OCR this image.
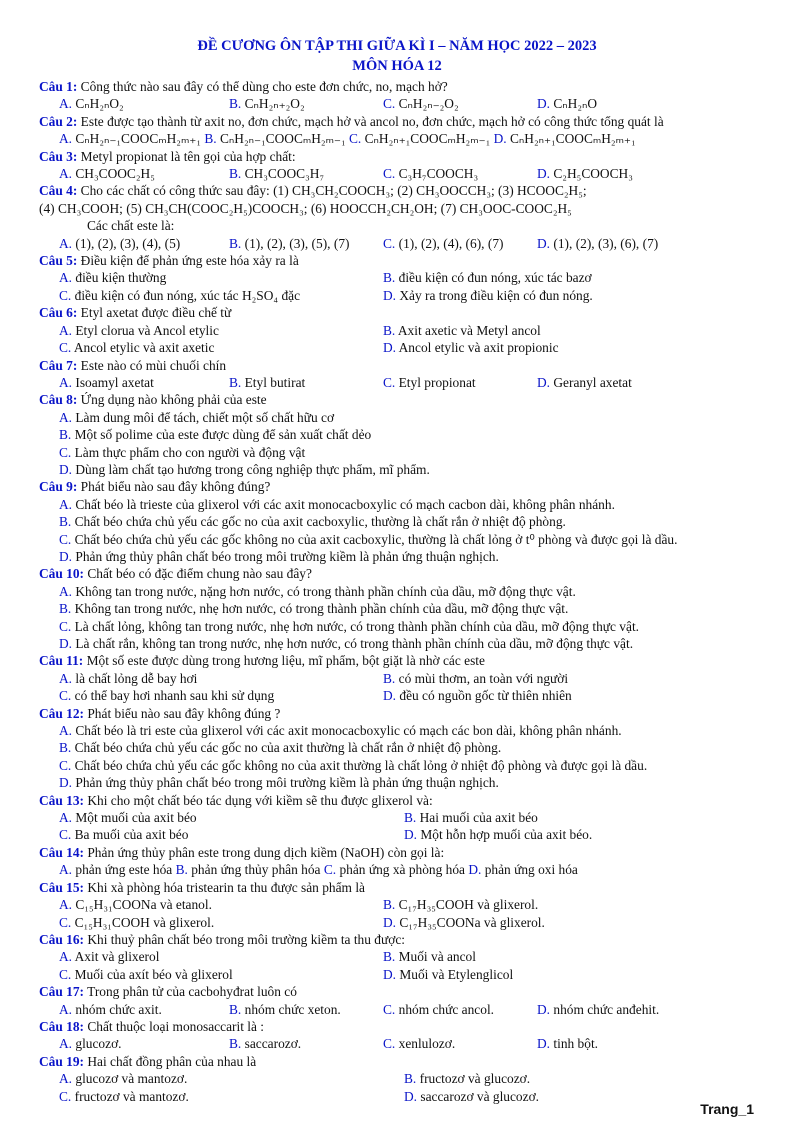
ĐỀ CƯƠNG ÔN TẬP THI GIỮA KÌ I – NĂM HỌC 2022 – 2023
MÔN HÓA 12
Câu 1: Công thức nào sau đây có thể dùng cho este đơn chức, no, mạch hở?
A. CₙH₂ₙO₂	B. CₙH₂ₙ₊₂O₂	C. CₙH₂ₙ₋₂O₂	D. CₙH₂ₙO
Câu 2: Este được tạo thành từ axit no, đơn chức, mạch hở và ancol no, đơn chức, mạch hở có công thức tổng quát là
A. CₙH₂ₙ₋₁COOCₘH₂ₘ₊₁ B. CₙH₂ₙ₋₁COOCₘH₂ₘ₋₁ C. CₙH₂ₙ₊₁COOCₘH₂ₘ₋₁ D. CₙH₂ₙ₊₁COOCₘH₂ₘ₊₁
Câu 3: Metyl propionat là tên gọi của hợp chất:
A. CH₃COOC₂H₅	B. CH₃COOC₃H₇	C. C₃H₇COOCH₃	D. C₂H₅COOCH₃
Câu 4: Cho các chất có công thức sau đây: (1) CH₃CH₂COOCH₃; (2) CH₃OOCCH₃; (3) HCOOC₂H₅;
(4) CH₃COOH; (5) CH₃CH(COOC₂H₅)COOCH₃; (6) HOOCCH₂CH₂OH; (7) CH₃OOC-COOC₂H₅
Các chất este là:
A. (1), (2), (3), (4), (5)	B. (1), (2), (3), (5), (7)	C. (1), (2), (4), (6), (7)	D. (1), (2), (3), (6), (7)
Câu 5: Điều kiện để phản ứng este hóa xảy ra là
A. điều kiện thường	B. điều kiện có đun nóng, xúc tác bazơ
C. điều kiện có đun nóng, xúc tác H₂SO₄ đặc	D. Xảy ra trong điều kiện có đun nóng.
Câu 6: Etyl axetat được điều chế từ
A. Etyl clorua và Ancol etylic	B. Axit axetic và Metyl ancol
C. Ancol etylic và axit axetic	D. Ancol etylic và axit propionic
Câu 7: Este nào có mùi chuối chín
A. Isoamyl axetat	B. Etyl butirat	C. Etyl propionat	D. Geranyl axetat
Câu 8: Ứng dụng nào không phải của este
A. Làm dung môi để tách, chiết một số chất hữu cơ
B. Một số polime của este được dùng để sản xuất chất dẻo
C. Làm thực phẩm cho con người và động vật
D. Dùng làm chất tạo hương trong công nghiệp thực phẩm, mĩ phẩm.
Câu 9: Phát biểu nào sau đây không đúng?
A. Chất béo là trieste của glixerol với các axit monocacboxylic có mạch cacbon dài, không phân nhánh.
B. Chất béo chứa chủ yếu các gốc no của axit cacboxylic, thường là chất rắn ở nhiệt độ phòng.
C. Chất béo chứa chủ yếu các gốc không no của axit cacboxylic, thường là chất lỏng ở t⁰ phòng và được gọi là dầu.
D. Phản ứng thủy phân chất béo trong môi trường kiềm là phản ứng thuận nghịch.
Câu 10: Chất béo có đặc điểm chung nào sau đây?
A. Không tan trong nước, nặng hơn nước, có trong thành phần chính của dầu, mỡ động thực vật.
B. Không tan trong nước, nhẹ hơn nước, có trong thành phần chính của dầu, mỡ động thực vật.
C. Là chất lỏng, không tan trong nước, nhẹ hơn nước, có trong thành phần chính của dầu, mỡ động thực vật.
D. Là chất rắn, không tan trong nước, nhẹ hơn nước, có trong thành phần chính của dầu, mỡ động thực vật.
Câu 11: Một số este được dùng trong hương liệu, mĩ phẩm, bột giặt là nhờ các este
A. là chất lỏng dễ bay hơi	B. có mùi thơm, an toàn với người
C. có thể bay hơi nhanh sau khi sử dụng	D. đều có nguồn gốc từ thiên nhiên
Câu 12: Phát biểu nào sau đây không đúng ?
A. Chất béo là tri este của glixerol với các axit monocacboxylic có mạch các bon dài, không phân nhánh.
B. Chất béo chứa chủ yếu các gốc no của axit thường là chất rắn ở nhiệt độ phòng.
C. Chất béo chứa chủ yếu các gốc không no của axit thường là chất lỏng ở nhiệt độ phòng và được gọi là dầu.
D. Phản ứng thủy phân chất béo trong môi trường kiềm là phản ứng thuận nghịch.
Câu 13: Khi cho một chất béo tác dụng với kiềm sẽ thu được glixerol và:
A. Một muối của axit béo	B. Hai muối của axit béo
C. Ba muối của axit béo	D. Một hỗn hợp muối của axit béo.
Câu 14: Phản ứng thủy phân este trong dung dịch kiềm (NaOH) còn gọi là:
A. phản ứng este hóa B. phản ứng thủy phân hóa C. phản ứng xà phòng hóa D. phản ứng oxi hóa
Câu 15: Khi xà phòng hóa tristearin ta thu được sản phẩm là
A. C₁₅H₃₁COONa và etanol.	B. C₁₇H₃₅COOH và glixerol.
C. C₁₅H₃₁COOH và glixerol.	D. C₁₇H₃₅COONa và glixerol.
Câu 16: Khi thuỷ phân chất béo trong môi trường kiềm ta thu được:
A. Axit và glixerol	B. Muối và ancol
C. Muối của axít béo và glixerol	D. Muối và Etylenglicol
Câu 17: Trong phân tử của cacbohyđrat luôn có
A. nhóm chức axit.	B. nhóm chức xeton.	C. nhóm chức ancol.	D. nhóm chức anđehit.
Câu 18: Chất thuộc loại monosaccarit là :
A. glucozơ.	B. saccarozơ.	C. xenlulozơ.	D. tinh bột.
Câu 19: Hai chất đồng phân của nhau là
A. glucozơ và mantozơ.	B. fructozơ và glucozơ.
C. fructozơ và mantozơ.	D. saccarozơ và glucozơ.
Trang_1
